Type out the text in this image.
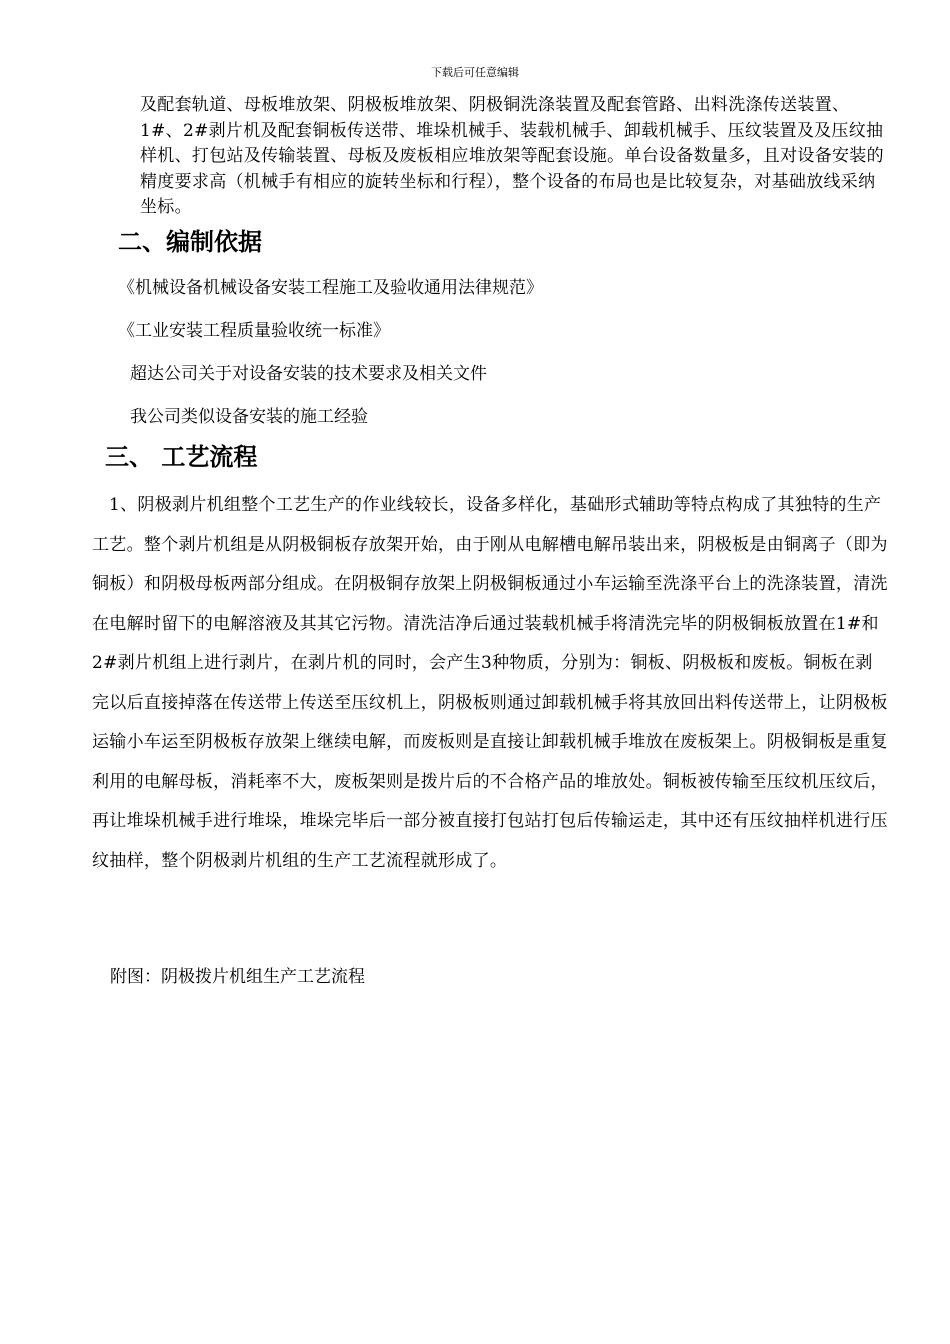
下载后可任意编辑
及配套轨道、母板堆放架、阴极板堆放架、阴极铜洗涤装置及配套管路、出料洗涤传送装置、1#、2#剥片机及配套铜板传送带、堆垛机械手、装载机械手、卸载机械手、压纹装置及及压纹抽样机、打包站及传输装置、母板及废板相应堆放架等配套设施。单台设备数量多，且对设备安装的精度要求高（机械手有相应的旋转坐标和行程），整个设备的布局也是比较复杂，对基础放线采纳坐标。
二、编制依据
《机械设备机械设备安装工程施工及验收通用法律规范》
《工业安装工程质量验收统一标准》
超达公司关于对设备安装的技术要求及相关文件
我公司类似设备安装的施工经验
三、 工艺流程
1、阴极剥片机组整个工艺生产的作业线较长，设备多样化，基础形式辅助等特点构成了其独特的生产工艺。整个剥片机组是从阴极铜板存放架开始，由于刚从电解槽电解吊装出来，阴极板是由铜离子（即为铜板）和阴极母板两部分组成。在阴极铜存放架上阴极铜板通过小车运输至洗涤平台上的洗涤装置，清洗在电解时留下的电解溶液及其其它污物。清洗洁净后通过装载机械手将清洗完毕的阴极铜板放置在1#和2#剥片机组上进行剥片，在剥片机的同时，会产生3种物质，分别为：铜板、阴极板和废板。铜板在剥完以后直接掉落在传送带上传送至压纹机上，阴极板则通过卸载机械手将其放回出料传送带上，让阴极板运输小车运至阴极板存放架上继续电解，而废板则是直接让卸载机械手堆放在废板架上。阴极铜板是重复利用的电解母板，消耗率不大，废板架则是拨片后的不合格产品的堆放处。铜板被传输至压纹机压纹后，再让堆垛机械手进行堆垛，堆垛完毕后一部分被直接打包站打包后传输运走，其中还有压纹抽样机进行压纹抽样，整个阴极剥片机组的生产工艺流程就形成了。
附图：阴极拨片机组生产工艺流程
